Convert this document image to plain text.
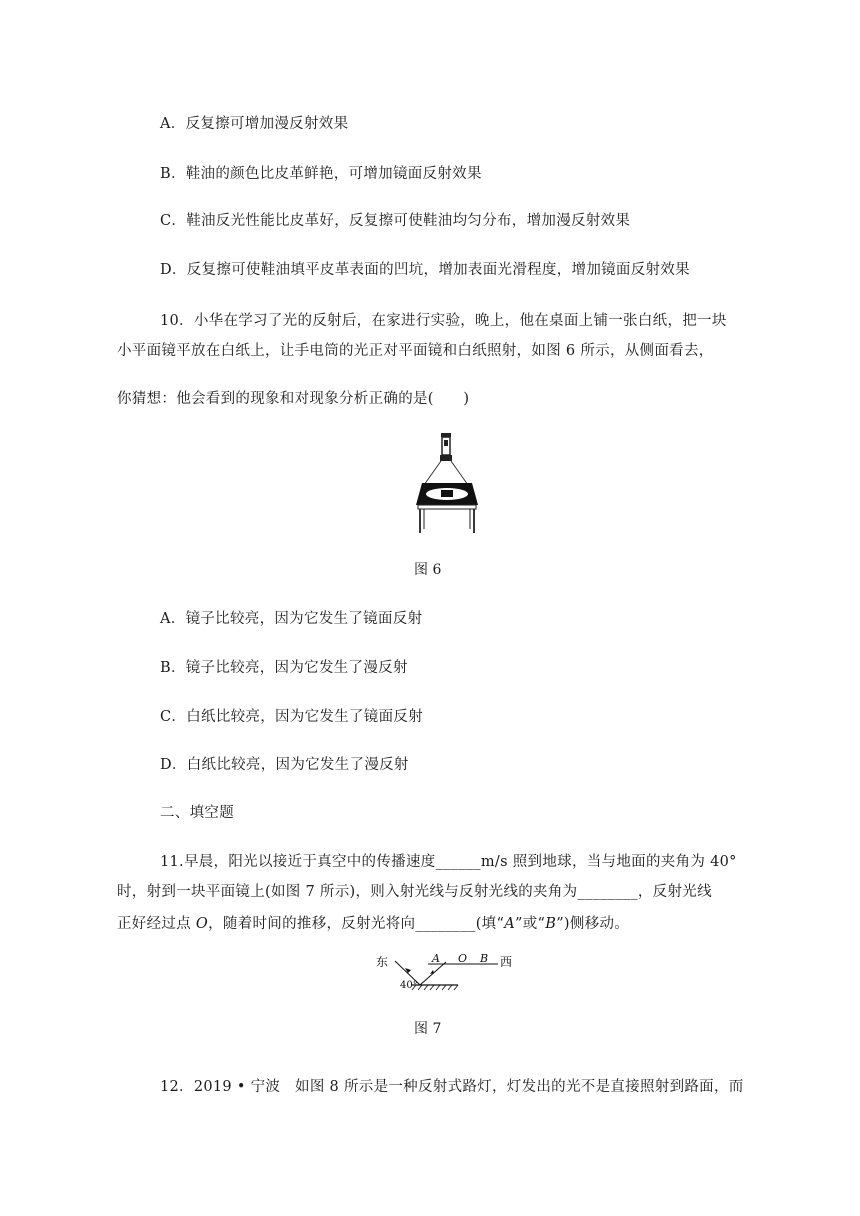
A．反复擦可增加漫反射效果
B．鞋油的颜色比皮革鲜艳，可增加镜面反射效果
C．鞋油反光性能比皮革好，反复擦可使鞋油均匀分布，增加漫反射效果
D．反复擦可使鞋油填平皮革表面的凹坑，增加表面光滑程度，增加镜面反射效果
10．小华在学习了光的反射后，在家进行实验，晚上，他在桌面上铺一张白纸，把一块
小平面镜平放在白纸上，让手电筒的光正对平面镜和白纸照射，如图 6 所示，从侧面看去，
你猜想：他会看到的现象和对现象分析正确的是(　　)
图 6
A．镜子比较亮，因为它发生了镜面反射
B．镜子比较亮，因为它发生了漫反射
C．白纸比较亮，因为它发生了镜面反射
D．白纸比较亮，因为它发生了漫反射
二、填空题
11.早晨，阳光以接近于真空中的传播速度______m/s 照到地球，当与地面的夹角为 40°
时，射到一块平面镜上(如图 7 所示)，则入射光线与反射光线的夹角为________，反射光线
正好经过点 O，随着时间的推移，反射光将向________(填“A”或“B”)侧移动。
东	西
A O B
40°
图 7
12．2019 • 宁波　如图 8 所示是一种反射式路灯，灯发出的光不是直接照射到路面，而
